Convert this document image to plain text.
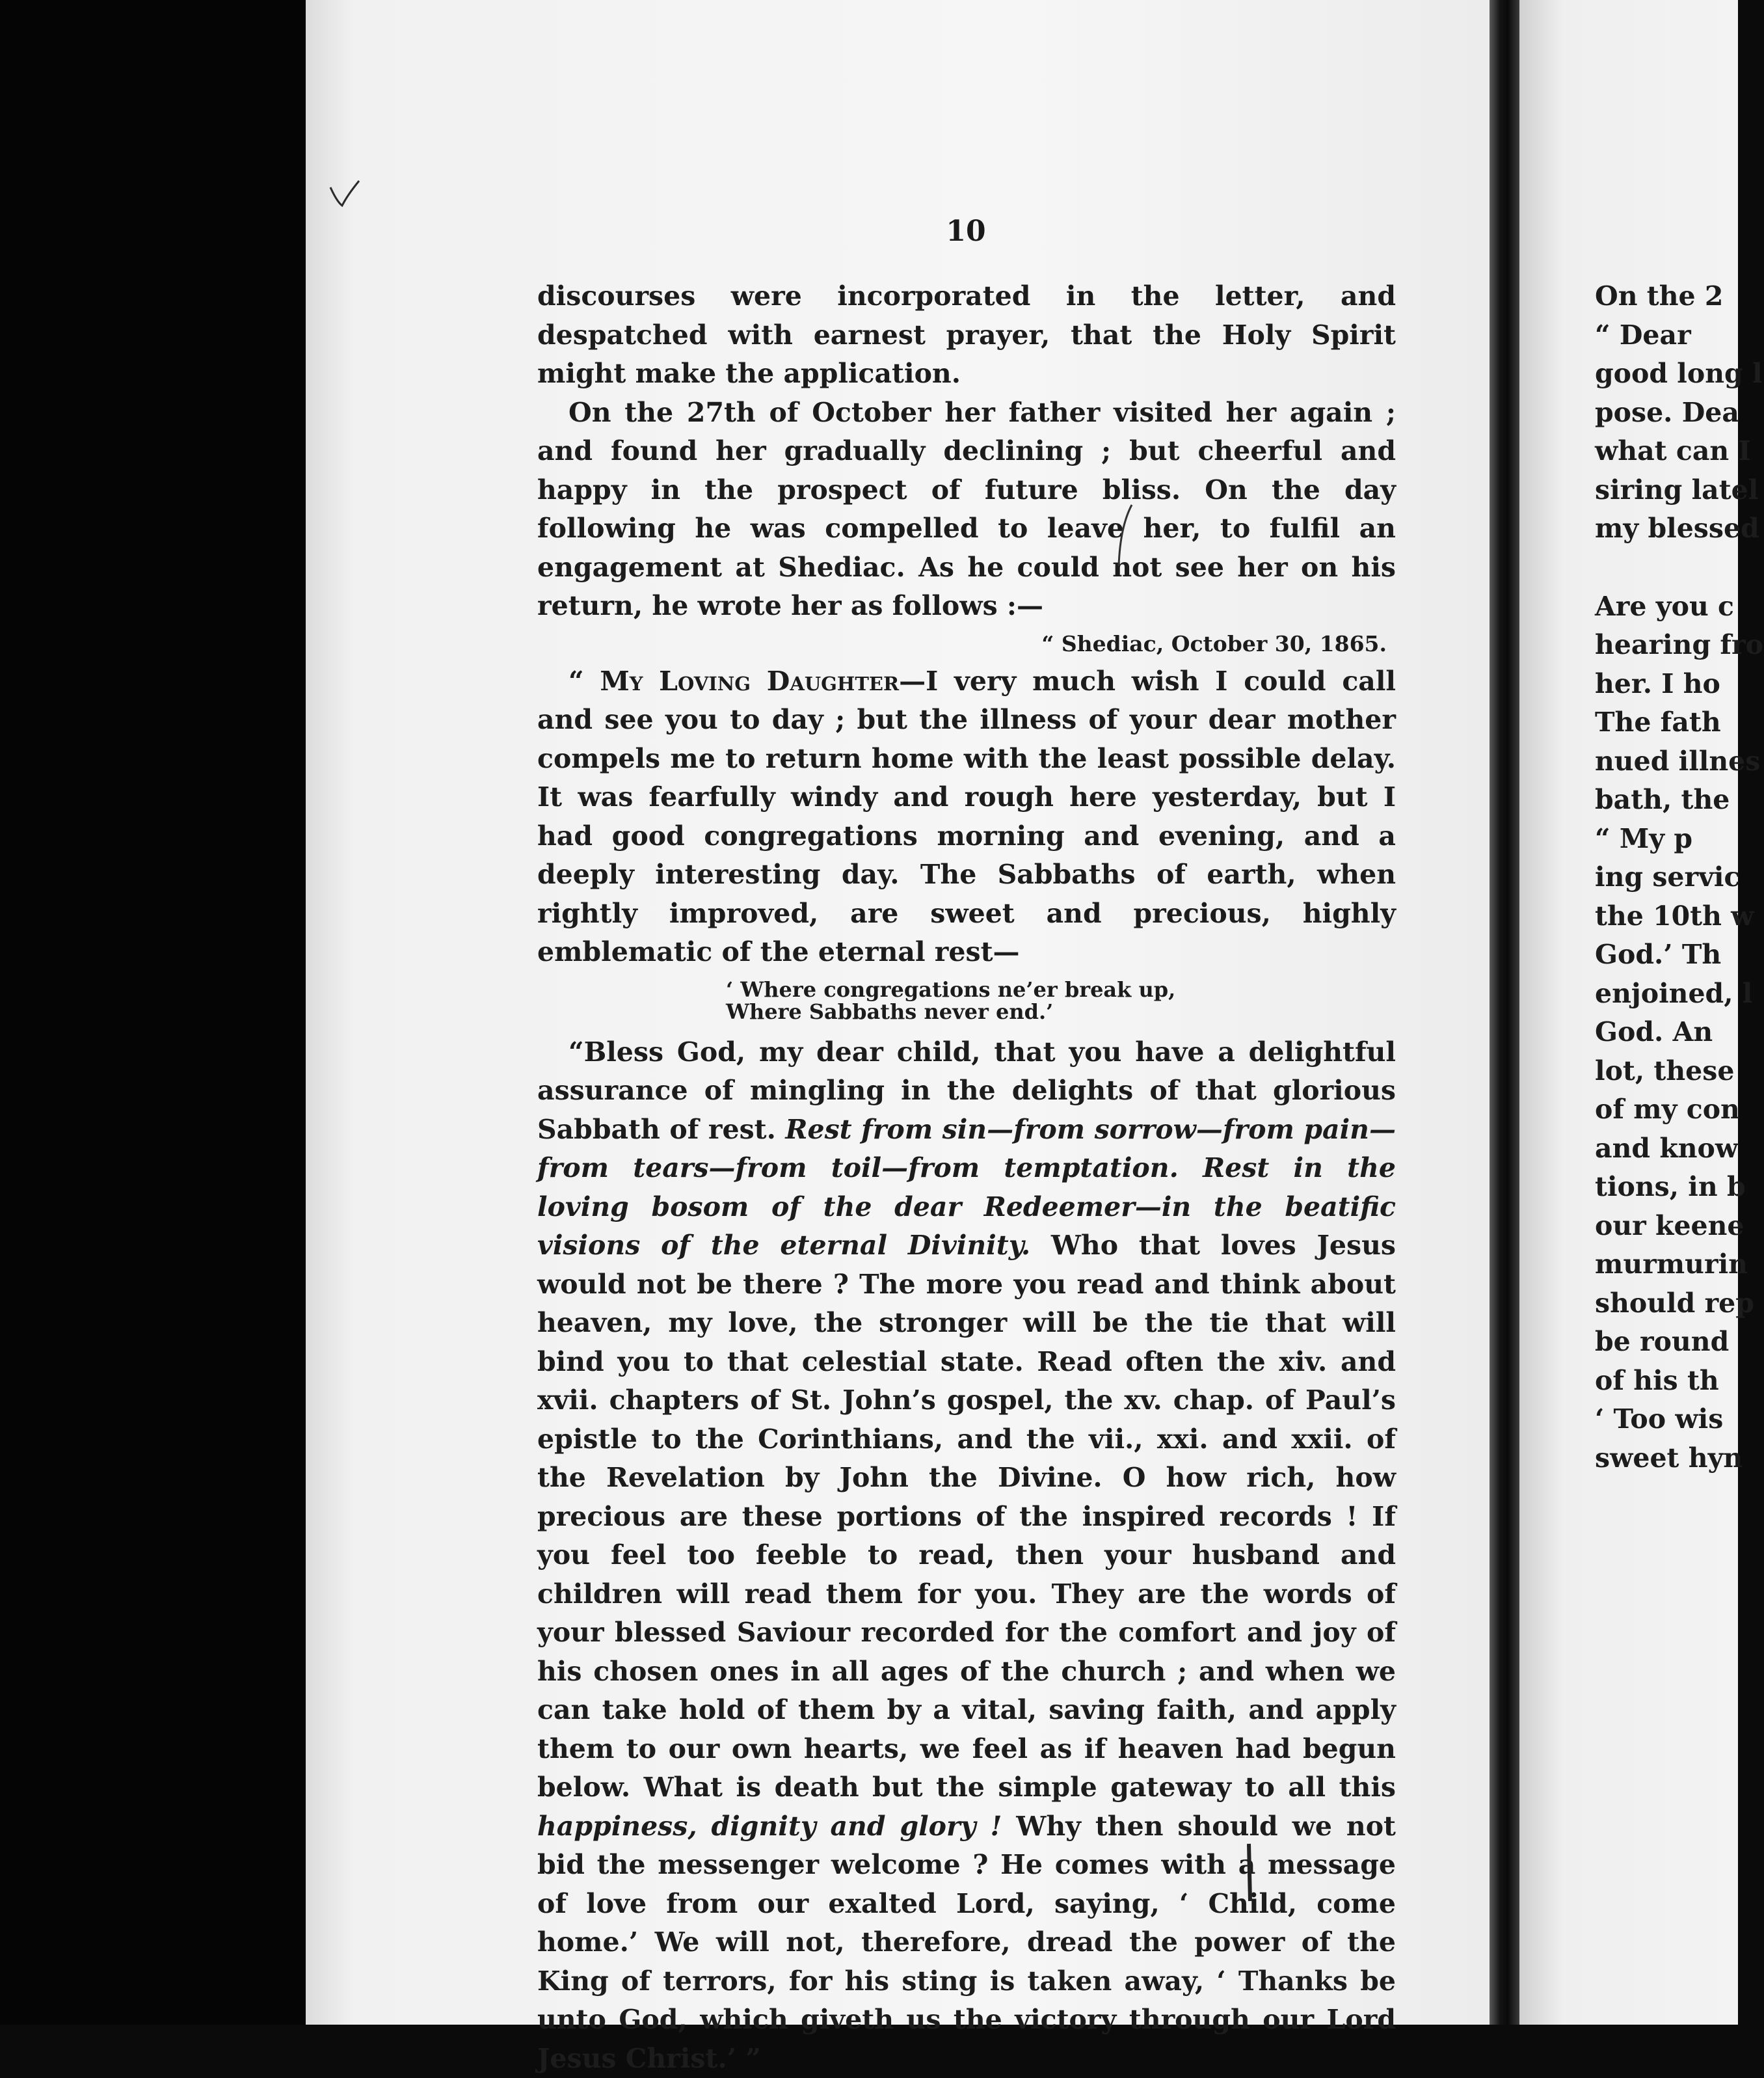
10

discourses were incorporated in the letter, and despatched with earnest prayer, that the Holy Spirit might make the application.

On the 27th of October her father visited her again ; and found her gradually declining ; but cheerful and happy in the prospect of future bliss. On the day following he was compelled to leave her, to fulfil an engagement at Shediac. As he could not see her on his return, he wrote her as follows :—

“ Shediac, October 30, 1865.

“ My Loving Daughter—I very much wish I could call and see you to day ; but the illness of your dear mother compels me to return home with the least possible delay. It was fearfully windy and rough here yesterday, but I had good congregations morning and evening, and a deeply interesting day. The Sabbaths of earth, when rightly improved, are sweet and precious, highly emblematic of the eternal rest—

‘ Where congregations ne’er break up,
Where Sabbaths never end.’

“Bless God, my dear child, that you have a delightful assurance of mingling in the delights of that glorious Sabbath of rest. Rest from sin—from sorrow—from pain—from tears—from toil—from temptation. Rest in the loving bosom of the dear Redeemer—in the beatific visions of the eternal Divinity. Who that loves Jesus would not be there ? The more you read and think about heaven, my love, the stronger will be the tie that will bind you to that celestial state. Read often the xiv. and xvii. chapters of St. John’s gospel, the xv. chap. of Paul’s epistle to the Corinthians, and the vii., xxi. and xxii. of the Revelation by John the Divine. O how rich, how precious are these portions of the inspired records ! If you feel too feeble to read, then your husband and children will read them for you. They are the words of your blessed Saviour recorded for the comfort and joy of his chosen ones in all ages of the church ; and when we can take hold of them by a vital, saving faith, and apply them to our own hearts, we feel as if heaven had begun below. What is death but the simple gateway to all this happiness, dignity and glory ! Why then should we not bid the messenger welcome ? He comes with a message of love from our exalted Lord, saying, ‘ Child, come home.’ We will not, therefore, dread the power of the King of terrors, for his sting is taken away, ‘ Thanks be unto God, which giveth us the victory through our Lord Jesus Christ.’ ”

On the 2

“ Dear

good long l

pose. Dea

what can I

siring latel

my blessed

Are you c

hearing fro

her. I ho

The fath

nued illnes

bath, the

“ My p

ing servic

the 10th w

God.’ Th

enjoined, l

God. An

lot, these

of my con

and know

tions, in b

our keene

murmurin

should rep

be round

of his th

‘ Too wis

sweet hyn
